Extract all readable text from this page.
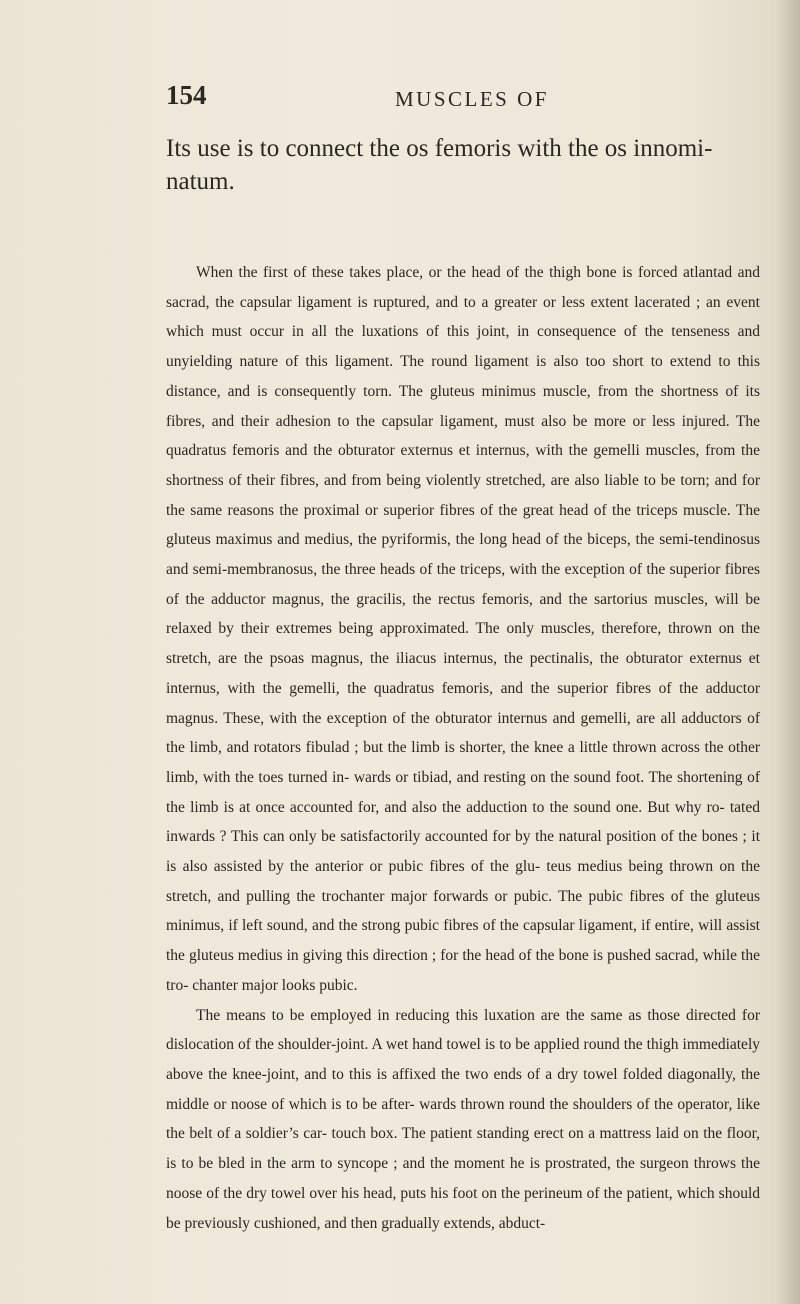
154	MUSCLES OF
Its use is to connect the os femoris with the os innomi- natum.

When the first of these takes place, or the head of the thigh bone is forced atlantad and sacrad, the capsular ligament is ruptured, and to a greater or less extent lacerated ; an event which must occur in all the luxations of this joint, in consequence of the tenseness and unyielding nature of this ligament. The round ligament is also too short to extend to this distance, and is consequently torn. The gluteus minimus muscle, from the shortness of its fibres, and their adhesion to the capsular ligament, must also be more or less injured. The quadratus femoris and the obturator externus et internus, with the gemelli muscles, from the shortness of their fibres, and from being violently stretched, are also liable to be torn; and for the same reasons the proximal or superior fibres of the great head of the triceps muscle. The gluteus maximus and medius, the pyriformis, the long head of the biceps, the semi-tendinosus and semi-membranosus, the three heads of the triceps, with the exception of the superior fibres of the adductor magnus, the gracilis, the rectus femoris, and the sartorius muscles, will be relaxed by their extremes being approximated. The only muscles, therefore, thrown on the stretch, are the psoas magnus, the iliacus internus, the pectinalis, the obturator externus et internus, with the gemelli, the quadratus femoris, and the superior fibres of the adductor magnus. These, with the exception of the obturator internus and gemelli, are all adductors of the limb, and rotators fibulad ; but the limb is shorter, the knee a little thrown across the other limb, with the toes turned in- wards or tibiad, and resting on the sound foot. The shortening of the limb is at once accounted for, and also the adduction to the sound one. But why ro- tated inwards ? This can only be satisfactorily accounted for by the natural position of the bones ; it is also assisted by the anterior or pubic fibres of the glu- teus medius being thrown on the stretch, and pulling the trochanter major forwards or pubic. The pubic fibres of the gluteus minimus, if left sound, and the strong pubic fibres of the capsular ligament, if entire, will assist the gluteus medius in giving this direction ; for the head of the bone is pushed sacrad, while the tro- chanter major looks pubic.

The means to be employed in reducing this luxation are the same as those directed for dislocation of the shoulder-joint. A wet hand towel is to be applied round the thigh immediately above the knee-joint, and to this is affixed the two ends of a dry towel folded diagonally, the middle or noose of which is to be after- wards thrown round the shoulders of the operator, like the belt of a soldier’s car- touch box. The patient standing erect on a mattress laid on the floor, is to be bled in the arm to syncope ; and the moment he is prostrated, the surgeon throws the noose of the dry towel over his head, puts his foot on the perineum of the patient, which should be previously cushioned, and then gradually extends, abduct-
